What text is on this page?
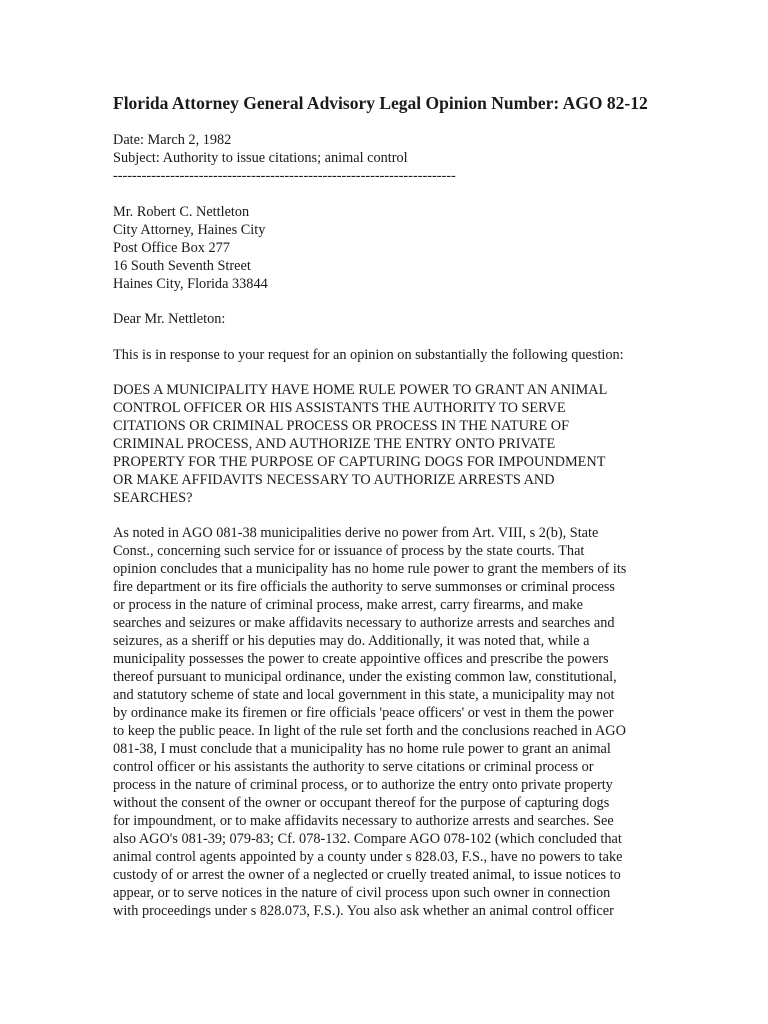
Florida Attorney General Advisory Legal Opinion Number: AGO 82-12
Date: March 2, 1982
Subject: Authority to issue citations; animal control
------------------------------------------------------------------------
Mr. Robert C. Nettleton
City Attorney, Haines City
Post Office Box 277
16 South Seventh Street
Haines City, Florida 33844
Dear Mr. Nettleton:
This is in response to your request for an opinion on substantially the following question:
DOES A MUNICIPALITY HAVE HOME RULE POWER TO GRANT AN ANIMAL
CONTROL OFFICER OR HIS ASSISTANTS THE AUTHORITY TO SERVE
CITATIONS OR CRIMINAL PROCESS OR PROCESS IN THE NATURE OF
CRIMINAL PROCESS, AND AUTHORIZE THE ENTRY ONTO PRIVATE
PROPERTY FOR THE PURPOSE OF CAPTURING DOGS FOR IMPOUNDMENT
OR MAKE AFFIDAVITS NECESSARY TO AUTHORIZE ARRESTS AND
SEARCHES?
As noted in AGO 081-38 municipalities derive no power from Art. VIII, s 2(b), State
Const., concerning such service for or issuance of process by the state courts. That
opinion concludes that a municipality has no home rule power to grant the members of its
fire department or its fire officials the authority to serve summonses or criminal process
or process in the nature of criminal process, make arrest, carry firearms, and make
searches and seizures or make affidavits necessary to authorize arrests and searches and
seizures, as a sheriff or his deputies may do. Additionally, it was noted that, while a
municipality possesses the power to create appointive offices and prescribe the powers
thereof pursuant to municipal ordinance, under the existing common law, constitutional,
and statutory scheme of state and local government in this state, a municipality may not
by ordinance make its firemen or fire officials 'peace officers' or vest in them the power
to keep the public peace. In light of the rule set forth and the conclusions reached in AGO
081-38, I must conclude that a municipality has no home rule power to grant an animal
control officer or his assistants the authority to serve citations or criminal process or
process in the nature of criminal process, or to authorize the entry onto private property
without the consent of the owner or occupant thereof for the purpose of capturing dogs
for impoundment, or to make affidavits necessary to authorize arrests and searches. See
also AGO's 081-39; 079-83; Cf. 078-132. Compare AGO 078-102 (which concluded that
animal control agents appointed by a county under s 828.03, F.S., have no powers to take
custody of or arrest the owner of a neglected or cruelly treated animal, to issue notices to
appear, or to serve notices in the nature of civil process upon such owner in connection
with proceedings under s 828.073, F.S.). You also ask whether an animal control officer
